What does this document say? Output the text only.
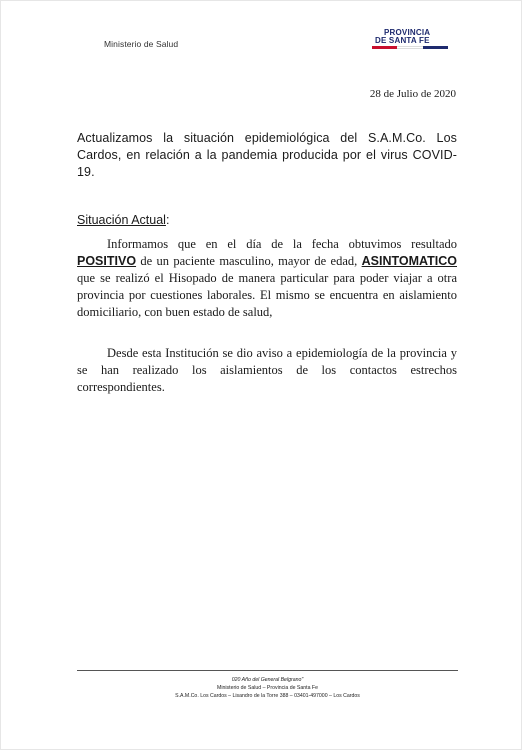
Ministerio de Salud
PROVINCIA
DE SANTA FE
28 de Julio de 2020
Actualizamos la situación epidemiológica del S.A.M.Co. Los Cardos, en relación a la pandemia producida por el virus COVID-19.
Situación Actual:
Informamos que en el día de la fecha obtuvimos resultado POSITIVO de un paciente masculino, mayor de edad, ASINTOMATICO que se realizó el Hisopado de manera particular para poder viajar a otra provincia por cuestiones laborales. El mismo se encuentra en aislamiento domiciliario, con buen estado de salud,
Desde esta Institución se dio aviso a epidemiología de la provincia y se han realizado los aislamientos de los contactos estrechos correspondientes.
020 Año del General Belgrano"
Ministerio de Salud – Provincia de Santa Fe
S.A.M.Co. Los Cardos – Lisandro de la Torre 388 – 03401-497000 – Los Cardos
